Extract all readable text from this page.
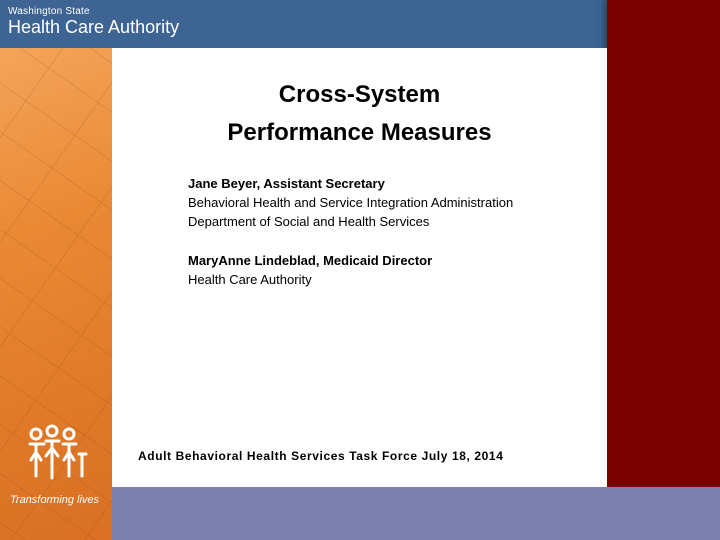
Washington State
Health Care Authority
Cross-System
Performance Measures
Jane Beyer, Assistant Secretary
Behavioral Health and Service Integration Administration
Department of Social and Health Services
MaryAnne Lindeblad, Medicaid Director
Health Care Authority
Adult Behavioral Health Services Task Force July 18, 2014
Transforming lives
